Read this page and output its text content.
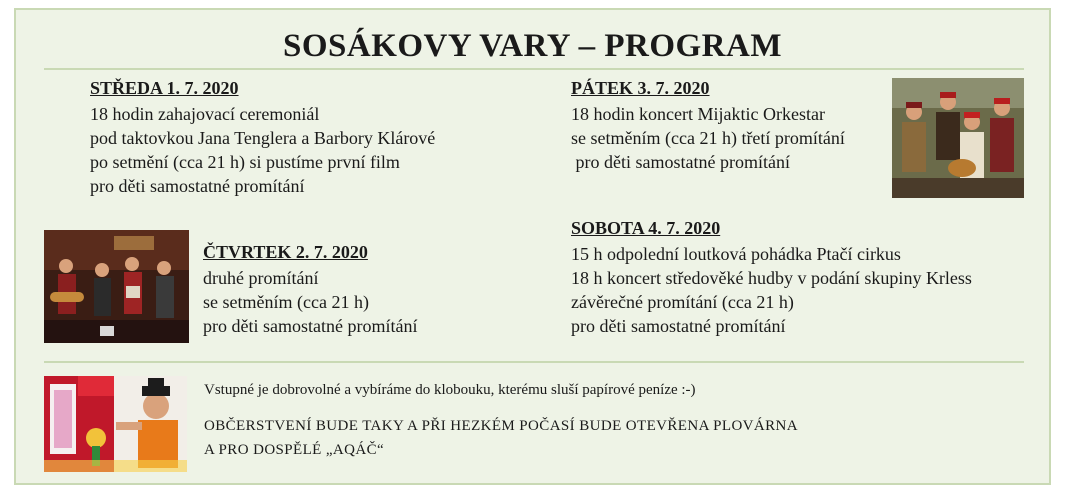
SOSÁKOVY VARY – PROGRAM
STŘEDA 1. 7. 2020
18 hodin zahajovací ceremoniál
pod taktovkou Jana Tenglera a Barbory Klárové
po setmění (cca 21 h) si pustíme první film
pro děti samostatné promítání
ČTVRTEK 2. 7. 2020
druhé promítání
se setměním (cca 21 h)
pro děti samostatné promítání
PÁTEK 3. 7. 2020
18 hodin koncert Mijaktic Orkestar
se setměním (cca 21 h) třetí promítání
pro děti samostatné promítání
SOBOTA 4. 7. 2020
15 h odpolední loutková pohádka Ptačí cirkus
18 h koncert středověké hudby v podání skupiny Krless
závěrečné promítání (cca 21 h)
pro děti samostatné promítání
Vstupné je dobrovolné a vybíráme do klobouku, kterému sluší papírové peníze :-)
OBČERSTVENÍ BUDE TAKY A PŘI HEZKÉM POČASÍ BUDE OTEVŘENA PLOVÁRNA
A PRO DOSPĚLÉ „AQÁČ“
